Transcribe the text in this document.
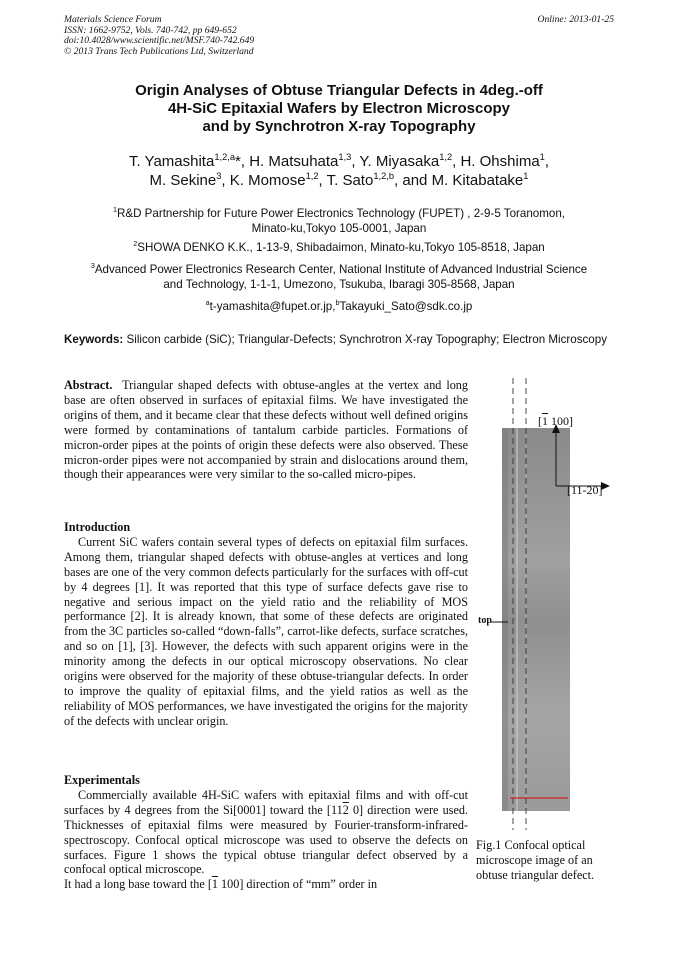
Materials Science Forum
ISSN: 1662-9752, Vols. 740-742, pp 649-652
doi:10.4028/www.scientific.net/MSF.740-742.649
© 2013 Trans Tech Publications Ltd, Switzerland
Online: 2013-01-25
Origin Analyses of Obtuse Triangular Defects in 4deg.-off
4H-SiC Epitaxial Wafers by Electron Microscopy
and by Synchrotron X-ray Topography
T. Yamashita$^{1,2,a}$*, H. Matsuhata$^{1,3}$, Y. Miyasaka$^{1,2}$, H. Ohshima$^1$,
M. Sekine$^3$, K. Momose$^{1,2}$, T. Sato$^{1,2,b}$, and M. Kitabatake$^1$
$^1$R&D Partnership for Future Power Electronics Technology (FUPET) , 2-9-5 Toranomon,
Minato-ku,Tokyo 105-0001, Japan
$^2$SHOWA DENKO K.K., 1-13-9, Shibadaimon, Minato-ku,Tokyo 105-8518, Japan
$^3$Advanced Power Electronics Research Center, National Institute of Advanced Industrial Science
and Technology, 1-1-1, Umezono, Tsukuba, Ibaragi 305-8568, Japan
$^a$t-yamashita@fupet.or.jp,$^b$Takayuki_Sato@sdk.co.jp
Keywords: Silicon carbide (SiC); Triangular-Defects; Synchrotron X-ray Topography; Electron Microscopy

Abstract. Triangular shaped defects with obtuse-angles at the vertex and long base are often observed in surfaces of epitaxial films. We have investigated the origins of them, and it became clear that these defects without well defined origins were formed by contaminations of tantalum carbide particles. Formations of micron-order pipes at the points of origin these defects were also observed. These micron-order pipes were not accompanied by strain and dislocations around them, though their appearances were very similar to the so-called micro-pipes.

Introduction

Current SiC wafers contain several types of defects on epitaxial film surfaces. Among them, triangular shaped defects with obtuse-angles at vertices and long bases are one of the very common defects particularly for the surfaces with off-cut by 4 degrees [1]. It was reported that this type of surface defects gave rise to negative and serious impact on the yield ratio and the reliability of MOS performance [2]. It is already known, that some of these defects are originated from the 3C particles so-called “down-falls”, carrot-like defects, surface scratches, and so on [1], [3]. However, the defects with such apparent origins were in the minority among the defects in our optical microscopy observations. No clear origins were observed for the majority of these obtuse-triangular defects. In order to improve the quality of epitaxial films, and the yield ratios as well as the reliability of MOS performances, we have investigated the origins for the majority of the defects with unclear origin.

Experimentals

Commercially available 4H-SiC wafers with epitaxial films and with off-cut surfaces by 4 degrees from the Si[0001] toward the [112 0] direction were used. Thicknesses of epitaxial films were measured by Fourier-transform-infrared-spectroscopy. Confocal optical microscope was used to observe the defects on surfaces. Figure 1 shows the typical obtuse triangular defect observed by a confocal optical microscope.

It had a long base toward the [1 100] direction of “mm” order in

[1 100]
[11-20]
top
Fig.1 Confocal optical microscope image of an obtuse triangular defect.
